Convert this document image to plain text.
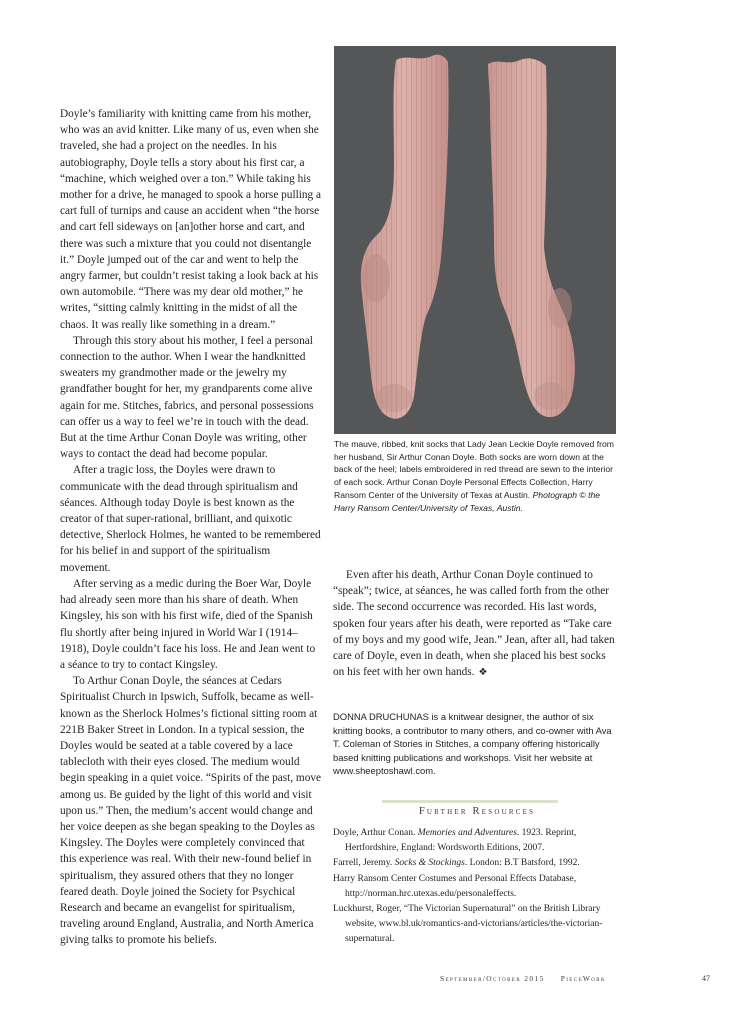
Doyle’s familiarity with knitting came from his mother, who was an avid knitter. Like many of us, even when she traveled, she had a project on the needles. In his autobiography, Doyle tells a story about his first car, a “machine, which weighed over a ton.” While taking his mother for a drive, he managed to spook a horse pulling a cart full of turnips and cause an accident when “the horse and cart fell sideways on [an]other horse and cart, and there was such a mixture that you could not disentangle it.” Doyle jumped out of the car and went to help the angry farmer, but couldn’t resist taking a look back at his own automobile. “There was my dear old mother,” he writes, “sitting calmly knitting in the midst of all the chaos. It was really like something in a dream.”

Through this story about his mother, I feel a personal connection to the author. When I wear the handknitted sweaters my grandmother made or the jewelry my grandfather bought for her, my grandparents come alive again for me. Stitches, fabrics, and personal possessions can offer us a way to feel we’re in touch with the dead. But at the time Arthur Conan Doyle was writing, other ways to contact the dead had become popular.

After a tragic loss, the Doyles were drawn to communicate with the dead through spiritualism and séances. Although today Doyle is best known as the creator of that super-rational, brilliant, and quixotic detective, Sherlock Holmes, he wanted to be remembered for his belief in and support of the spiritualism movement.

After serving as a medic during the Boer War, Doyle had already seen more than his share of death. When Kingsley, his son with his first wife, died of the Spanish flu shortly after being injured in World War I (1914–1918), Doyle couldn’t face his loss. He and Jean went to a séance to try to contact Kingsley.

To Arthur Conan Doyle, the séances at Cedars Spiritualist Church in Ipswich, Suffolk, became as well-known as the Sherlock Holmes’s fictional sitting room at 221B Baker Street in London. In a typical session, the Doyles would be seated at a table covered by a lace tablecloth with their eyes closed. The medium would begin speaking in a quiet voice. “Spirits of the past, move among us. Be guided by the light of this world and visit upon us.” Then, the medium’s accent would change and her voice deepen as she began speaking to the Doyles as Kingsley. The Doyles were completely convinced that this experience was real. With their new-found belief in spiritualism, they assured others that they no longer feared death. Doyle joined the Society for Psychical Research and became an evangelist for spiritualism, traveling around England, Australia, and North America giving talks to promote his beliefs.

The mauve, ribbed, knit socks that Lady Jean Leckie Doyle removed from her husband, Sir Arthur Conan Doyle. Both socks are worn down at the back of the heel; labels embroidered in red thread are sewn to the interior of each sock. Arthur Conan Doyle Personal Effects Collection, Harry Ransom Center of the University of Texas at Austin. Photograph © the Harry Ransom Center/University of Texas, Austin.

Even after his death, Arthur Conan Doyle continued to “speak”; twice, at séances, he was called forth from the other side. The second occurrence was recorded. His last words, spoken four years after his death, were reported as “Take care of my boys and my good wife, Jean.” Jean, after all, had taken care of Doyle, even in death, when she placed his best socks on his feet with her own hands. ❖

DONNA DRUCHUNAS is a knitwear designer, the author of six knitting books, a contributor to many others, and co-owner with Ava T. Coleman of Stories in Stitches, a company offering historically based knitting publications and workshops. Visit her website at www.sheeptoshawl.com.
Further Resources
Doyle, Arthur Conan. Memories and Adventures. 1923. Reprint, Hertfordshire, England: Wordsworth Editions, 2007.
Farrell, Jeremy. Socks & Stockings. London: B.T Batsford, 1992.
Harry Ransom Center Costumes and Personal Effects Database, http://norman.hrc.utexas.edu/personaleffects.
Luckhurst, Roger, “The Victorian Supernatural” on the British Library website, www.bl.uk/romantics-and-victorians/articles/the-victorian-supernatural.
September/October 2015 PieceWork	47
